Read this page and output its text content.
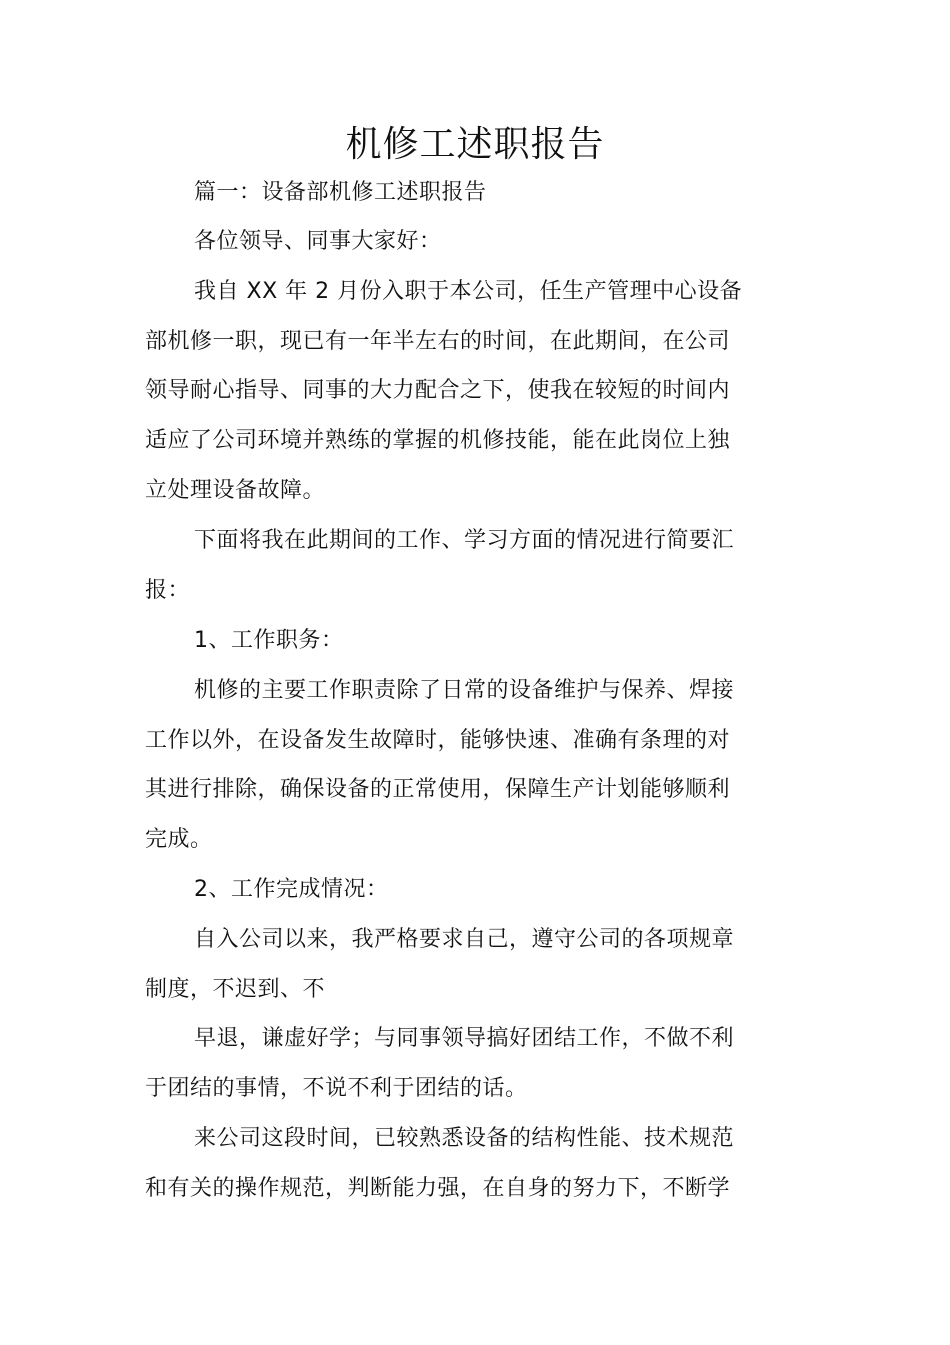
机修工述职报告
篇一：设备部机修工述职报告
各位领导、同事大家好：
我自 XX 年 2 月份入职于本公司，任生产管理中心设备
部机修一职，现已有一年半左右的时间，在此期间，在公司
领导耐心指导、同事的大力配合之下，使我在较短的时间内
适应了公司环境并熟练的掌握的机修技能，能在此岗位上独
立处理设备故障。
下面将我在此期间的工作、学习方面的情况进行简要汇
报：
1、工作职务：
机修的主要工作职责除了日常的设备维护与保养、焊接
工作以外，在设备发生故障时，能够快速、准确有条理的对
其进行排除，确保设备的正常使用，保障生产计划能够顺利
完成。
2、工作完成情况：
自入公司以来，我严格要求自己，遵守公司的各项规章
制度，不迟到、不
早退，谦虚好学；与同事领导搞好团结工作，不做不利
于团结的事情，不说不利于团结的话。
来公司这段时间，已较熟悉设备的结构性能、技术规范
和有关的操作规范，判断能力强，在自身的努力下，不断学
